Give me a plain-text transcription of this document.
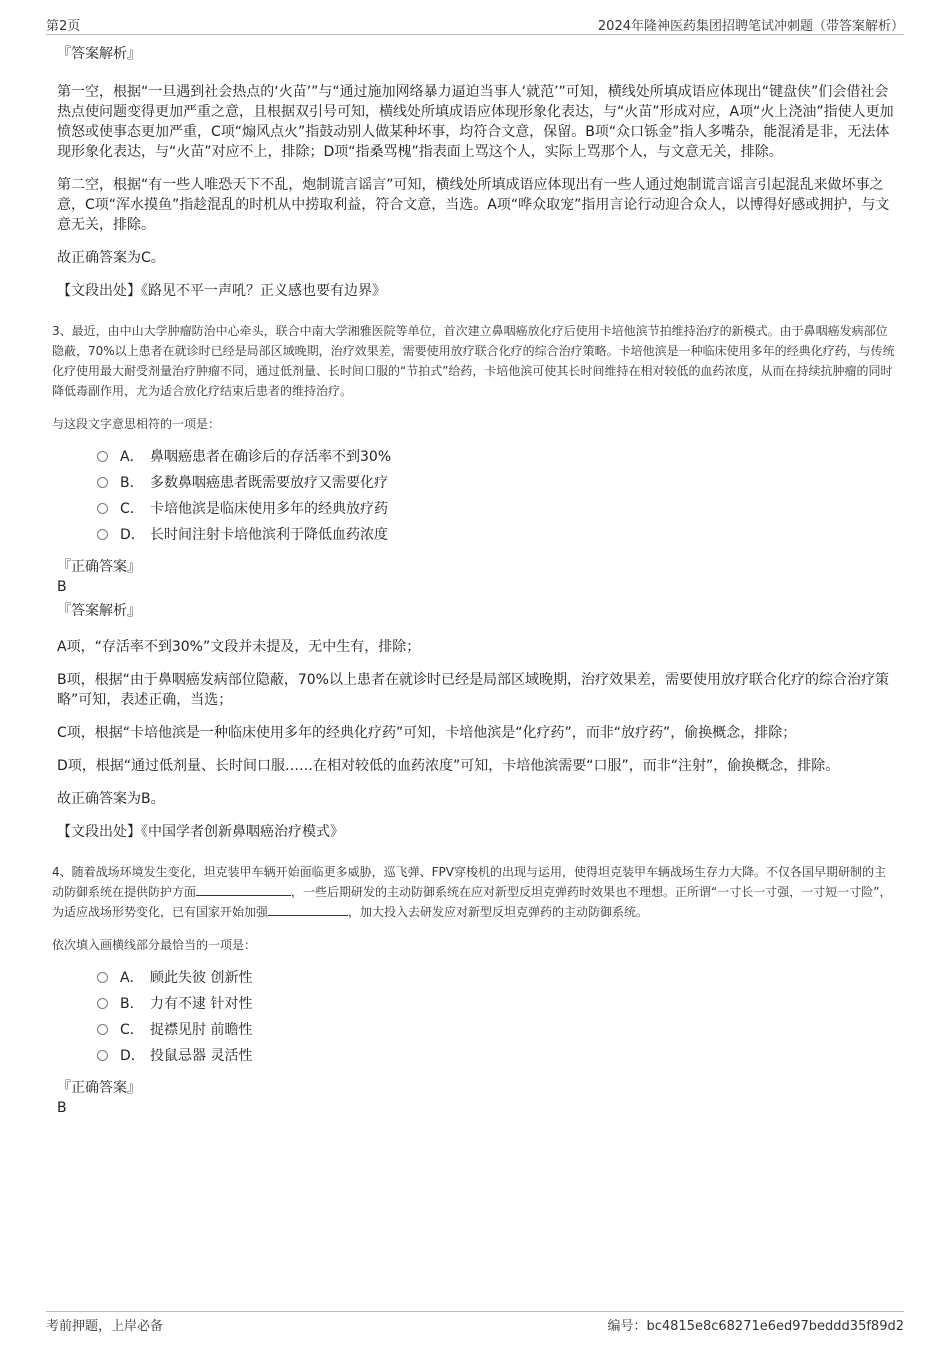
第2页	2024年隆神医药集团招聘笔试冲刺题（带答案解析）

『答案解析』

第一空，根据“一旦遇到社会热点的‘火苗’”与“通过施加网络暴力逼迫当事人‘就范’”可知，横线处所填成语应体现出“键盘侠”们会借社会热点使问题变得更加严重之意，且根据双引号可知，横线处所填成语应体现形象化表达，与“火苗”形成对应，A项“火上浇油”指使人更加愤怒或使事态更加严重，C项“煽风点火”指鼓动别人做某种坏事，均符合文意，保留。B项“众口铄金”指人多嘴杂，能混淆是非，无法体现形象化表达，与“火苗”对应不上，排除；D项“指桑骂槐”指表面上骂这个人，实际上骂那个人，与文意无关，排除。

第二空，根据“有一些人唯恐天下不乱，炮制谎言谣言”可知，横线处所填成语应体现出有一些人通过炮制谎言谣言引起混乱来做坏事之意，C项“浑水摸鱼”指趁混乱的时机从中捞取利益，符合文意，当选。A项“哗众取宠”指用言论行动迎合众人，以博得好感或拥护，与文意无关，排除。

故正确答案为C。

【文段出处】《路见不平一声吼？正义感也要有边界》

3、最近，由中山大学肿瘤防治中心牵头，联合中南大学湘雅医院等单位，首次建立鼻咽癌放化疗后使用卡培他滨节拍维持治疗的新模式。由于鼻咽癌发病部位隐蔽，70%以上患者在就诊时已经是局部区域晚期，治疗效果差，需要使用放疗联合化疗的综合治疗策略。卡培他滨是一种临床使用多年的经典化疗药，与传统化疗使用最大耐受剂量治疗肿瘤不同，通过低剂量、长时间口服的“节拍式”给药，卡培他滨可使其长时间维持在相对较低的血药浓度，从而在持续抗肿瘤的同时降低毒副作用，尤为适合放化疗结束后患者的维持治疗。

与这段文字意思相符的一项是：

A． 鼻咽癌患者在确诊后的存活率不到30%
B． 多数鼻咽癌患者既需要放疗又需要化疗
C． 卡培他滨是临床使用多年的经典放疗药
D． 长时间注射卡培他滨利于降低血药浓度

『正确答案』

B

『答案解析』

A项，“存活率不到30%”文段并未提及，无中生有，排除；

B项，根据“由于鼻咽癌发病部位隐蔽，70%以上患者在就诊时已经是局部区域晚期，治疗效果差，需要使用放疗联合化疗的综合治疗策略”可知，表述正确，当选；

C项，根据“卡培他滨是一种临床使用多年的经典化疗药”可知，卡培他滨是“化疗药”，而非“放疗药”，偷换概念，排除；

D项，根据“通过低剂量、长时间口服……在相对较低的血药浓度”可知，卡培他滨需要“口服”，而非“注射”，偷换概念，排除。

故正确答案为B。

【文段出处】《中国学者创新鼻咽癌治疗模式》

4、随着战场环境发生变化，坦克装甲车辆开始面临更多威胁，巡飞弹、FPV穿梭机的出现与运用，使得坦克装甲车辆战场生存力大降。不仅各国早期研制的主动防御系统在提供防护方面	，一些后期研发的主动防御系统在应对新型反坦克弹药时效果也不理想。正所谓“一寸长一寸强，一寸短一寸险”，为适应战场形势变化，已有国家开始加强	，加大投入去研发应对新型反坦克弹药的主动防御系统。

依次填入画横线部分最恰当的一项是：

A． 顾此失彼 创新性
B． 力有不逮 针对性
C． 捉襟见肘 前瞻性
D． 投鼠忌器 灵活性

『正确答案』

B

考前押题，上岸必备	编号：bc4815e8c68271e6ed97beddd35f89d2
